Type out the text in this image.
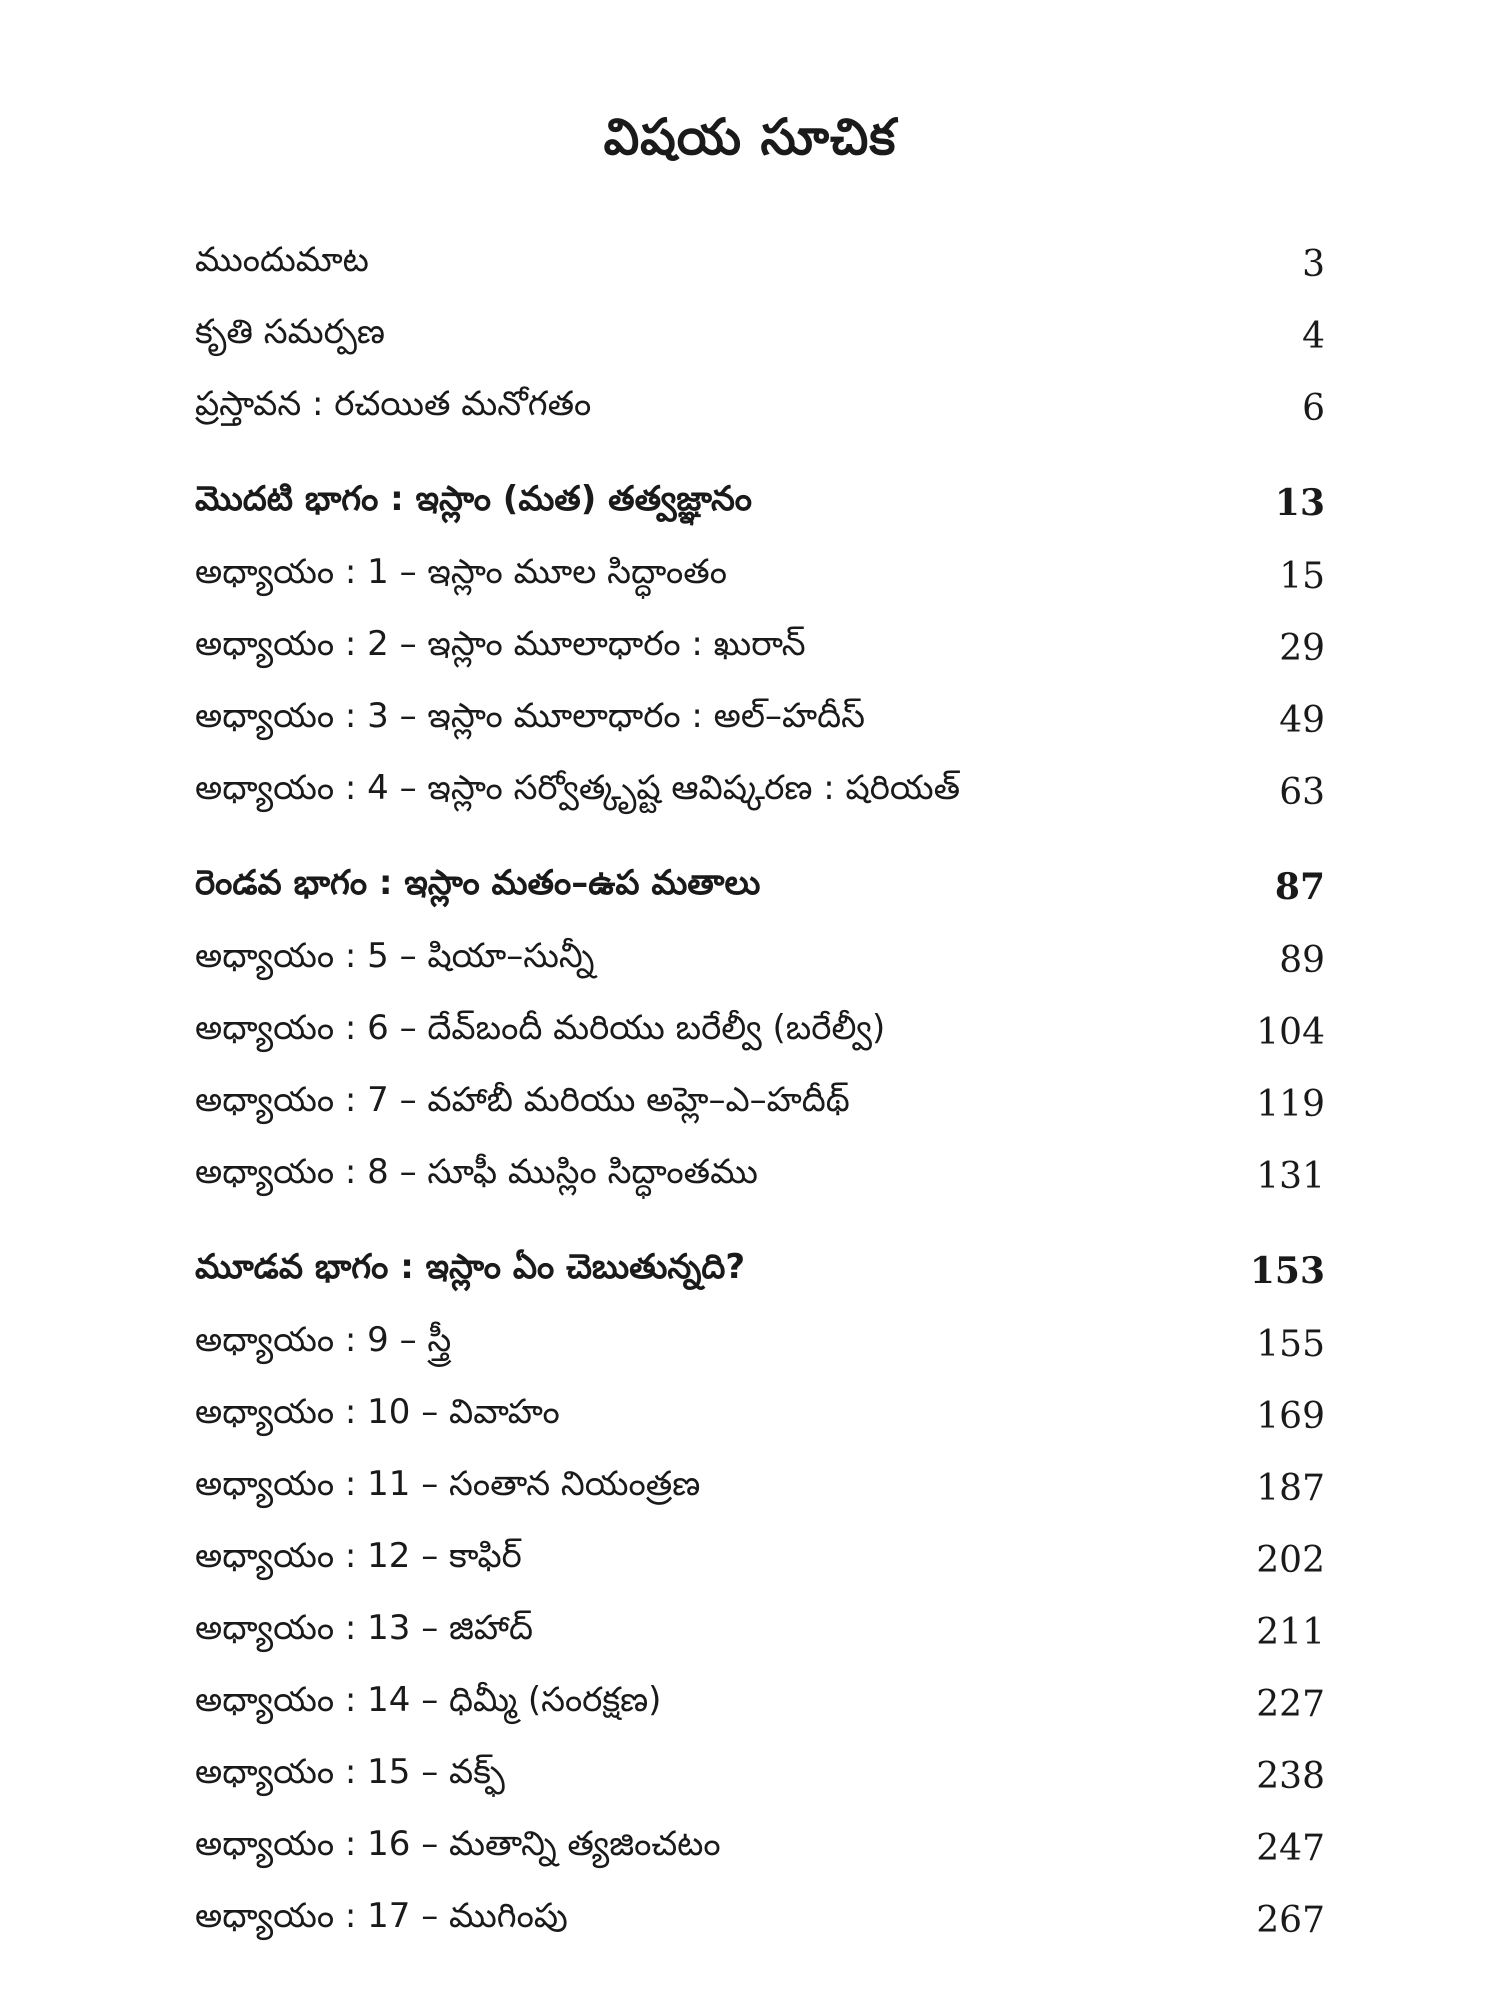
విషయ సూచిక
ముందుమాట	3
కృతి సమర్పణ	4
ప్రస్తావన : రచయిత మనోగతం	6
మొదటి భాగం : ఇస్లాం (మత) తత్వజ్ఞానం	13
అధ్యాయం : 1 – ఇస్లాం మూల సిద్ధాంతం	15
అధ్యాయం : 2 – ఇస్లాం మూలాధారం : ఖురాన్	29
అధ్యాయం : 3 – ఇస్లాం మూలాధారం : అల్–హదీస్	49
అధ్యాయం : 4 – ఇస్లాం సర్వోత్కృష్ట ఆవిష్కరణ : షరియత్	63
రెండవ భాగం : ఇస్లాం మతం–ఉప మతాలు	87
అధ్యాయం : 5 – షియా–సున్నీ	89
అధ్యాయం : 6 – దేవ్‌బందీ మరియు బరేల్వీ (బరేల్వీ)	104
అధ్యాయం : 7 – వహాబీ మరియు అహ్లె–ఎ–హదీథ్	119
అధ్యాయం : 8 – సూఫీ ముస్లిం సిద్ధాంతము	131
మూడవ భాగం : ఇస్లాం ఏం చెబుతున్నది?	153
అధ్యాయం : 9 – స్త్రీ	155
అధ్యాయం : 10 – వివాహం	169
అధ్యాయం : 11 – సంతాన నియంత్రణ	187
అధ్యాయం : 12 – కాఫిర్	202
అధ్యాయం : 13 – జిహాద్	211
అధ్యాయం : 14 – ధిమ్మీ (సంరక్షణ)	227
అధ్యాయం : 15 – వక్ఫ్	238
అధ్యాయం : 16 – మతాన్ని త్యజించటం	247
అధ్యాయం : 17 – ముగింపు	267
